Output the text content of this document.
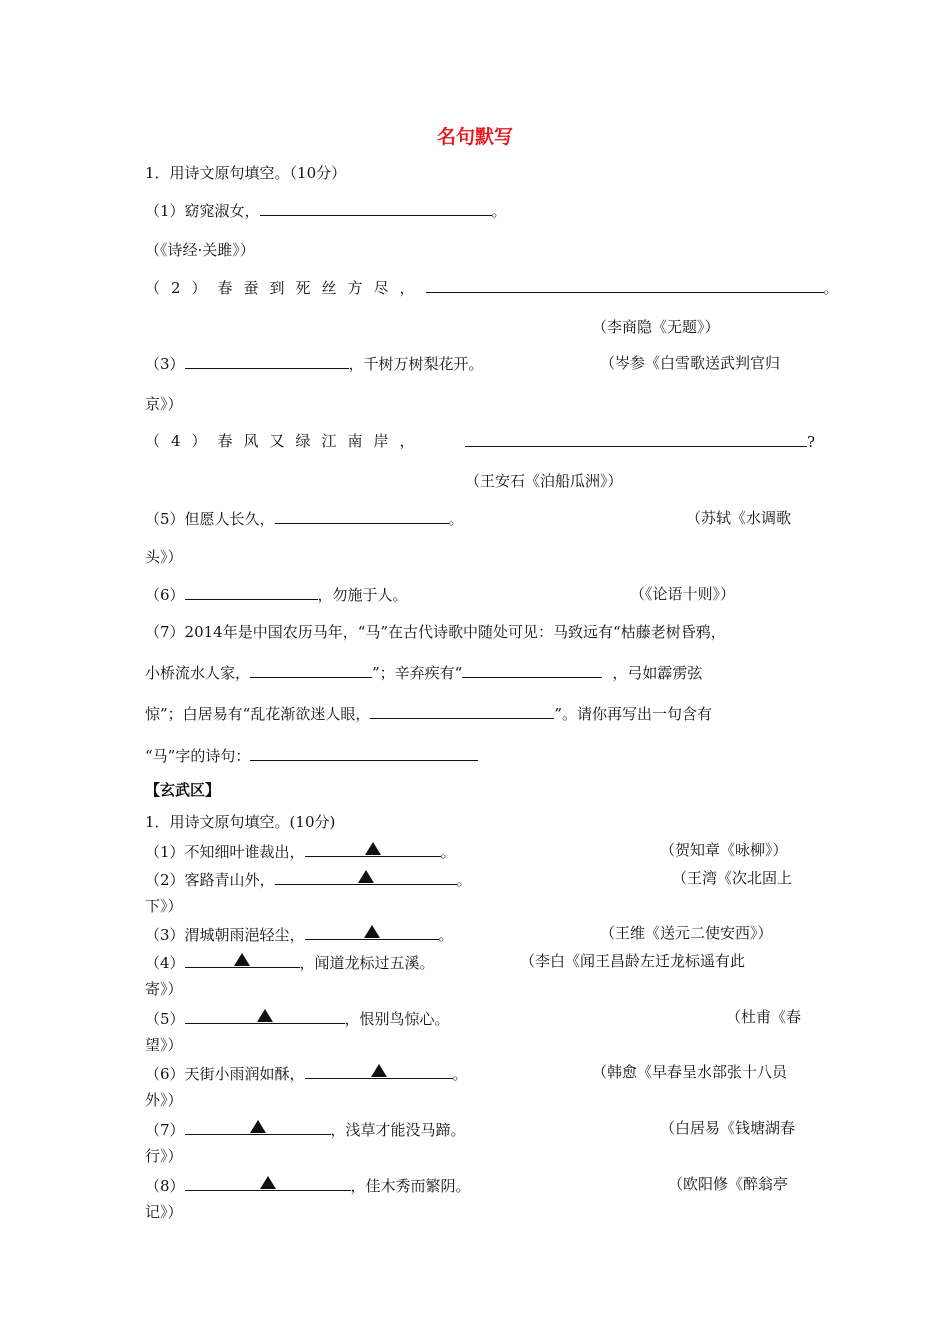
名句默写
1．用诗文原句填空。（10分）
（1）窈窕淑女，	。
（《诗经·关雎》）
（2）春蚕到死丝方尽，	。
（李商隐《无题》）
（3）	，千树万树梨花开。	（岑参《白雪歌送武判官归
京》）
（4）春风又绿江南岸，	?
（王安石《泊船瓜洲》）
（5）但愿人长久，	。	（苏轼《水调歌
头》）
（6）	，勿施于人。	（《论语十则》）
（7）2014年是中国农历马年，“马”在古代诗歌中随处可见：马致远有“枯藤老树昏鸦，
小桥流水人家，	”；辛弃疾有“	，弓如霹雳弦
惊”；白居易有“乱花渐欲迷人眼，	”。请你再写出一句含有
“马”字的诗句：
【玄武区】
1．用诗文原句填空。(10分)
（1）不知细叶谁裁出，	。	（贺知章《咏柳》）
（2）客路青山外，	。	（王湾《次北固上
下》）
（3）渭城朝雨浥轻尘，	。	（王维《送元二使安西》）
（4）	，闻道龙标过五溪。	（李白《闻王昌龄左迁龙标遥有此
寄》）
（5）	，恨别鸟惊心。	（杜甫《春
望》）
（6）天街小雨润如酥，	。	（韩愈《早春呈水部张十八员
外》）
（7）	，浅草才能没马蹄。	（白居易《钱塘湖春
行》）
（8）	，佳木秀而繁阴。	（欧阳修《醉翁亭
记》）
